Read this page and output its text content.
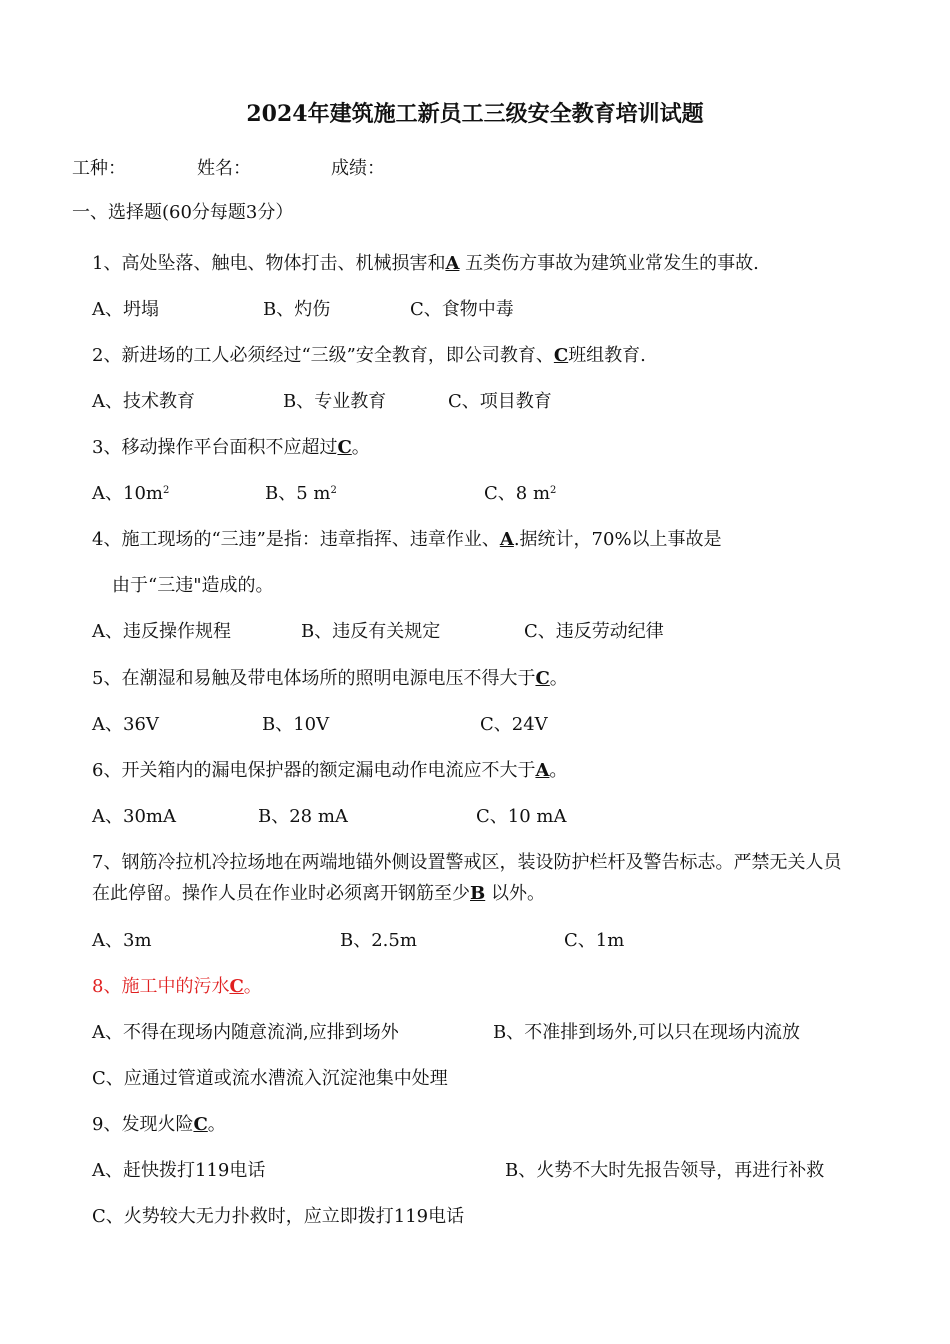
2024年建筑施工新员工三级安全教育培训试题
工种：	姓名：	成绩：
一、选择题(60分每题3分）
1、高处坠落、触电、物体打击、机械损害和A 五类伤方事故为建筑业常发生的事故.
A、坍塌	B、灼伤	C、食物中毒
2、新进场的工人必须经过“三级”安全教育，即公司教育、C班组教育.
A、技术教育	B、专业教育	C、项目教育
3、移动操作平台面积不应超过C。
A、$10m^2$	B、5 $m^2$	C、8 $m^2$
4、施工现场的“三违”是指：违章指挥、违章作业、A.据统计，70%以上事故是
由于“三违"造成的。
A、违反操作规程	B、违反有关规定	C、违反劳动纪律
5、在潮湿和易触及带电体场所的照明电源电压不得大于C。
A、36V	B、10V	C、24V
6、开关箱内的漏电保护器的额定漏电动作电流应不大于A。
A、30mA	B、28 mA	C、10 mA
7、钢筋冷拉机冷拉场地在两端地锚外侧设置警戒区，装设防护栏杆及警告标志。严禁无关人员
在此停留。操作人员在作业时必须离开钢筋至少B 以外。
A、3m	B、2.5m	C、1m
8、施工中的污水C。
A、不得在现场内随意流淌,应排到场外	B、不准排到场外,可以只在现场内流放
C、应通过管道或流水漕流入沉淀池集中处理
9、发现火险C。
A、赶快拨打119电话	B、火势不大时先报告领导，再进行补救
C、火势较大无力扑救时，应立即拨打119电话
